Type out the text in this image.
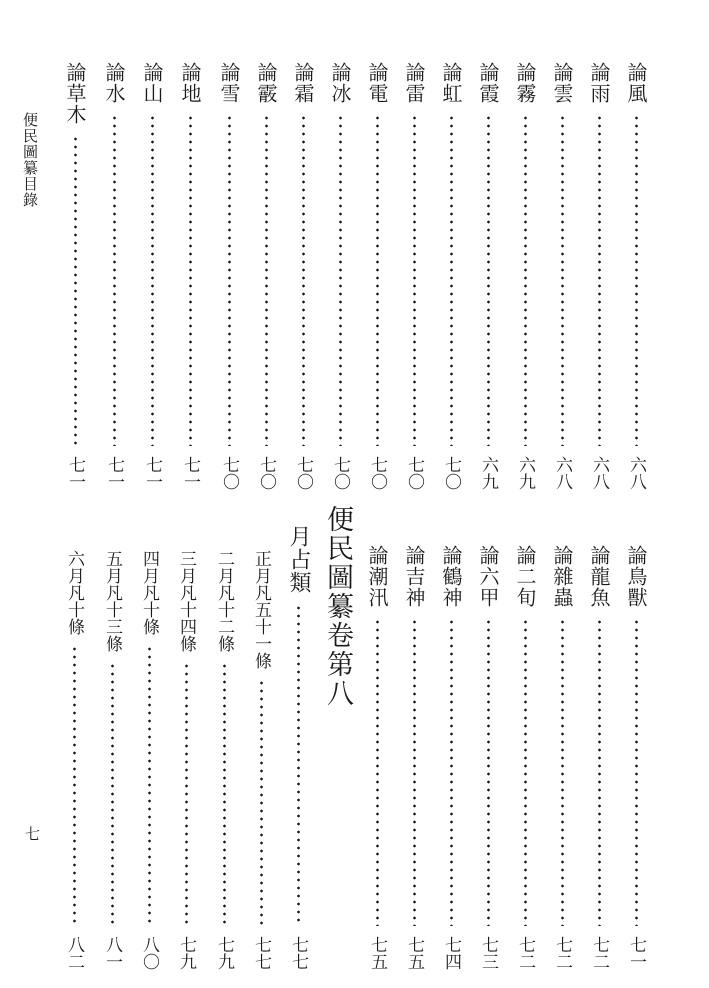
便民圖纂目錄
七
論風
六八
論雨
六八
論雲
六八
論霧
六九
論霞
六九
論虹
七〇
論雷
七〇
論電
七〇
論冰
七〇
論霜
七〇
論霰
七〇
論雪
七〇
論地
七一
論山
七一
論水
七一
論草木
七一
論鳥獸
七一
論龍魚
七二
論雜蟲
七二
論二旬
七二
論六甲
七三
論鶴神
七四
論吉神
七五
論潮汛
七五
便民圖纂卷第八
月占類
七七
正月凡五十一條
七七
二月凡十二條
七九
三月凡十四條
七九
四月凡十條
八〇
五月凡十三條
八一
六月凡十條
八二
